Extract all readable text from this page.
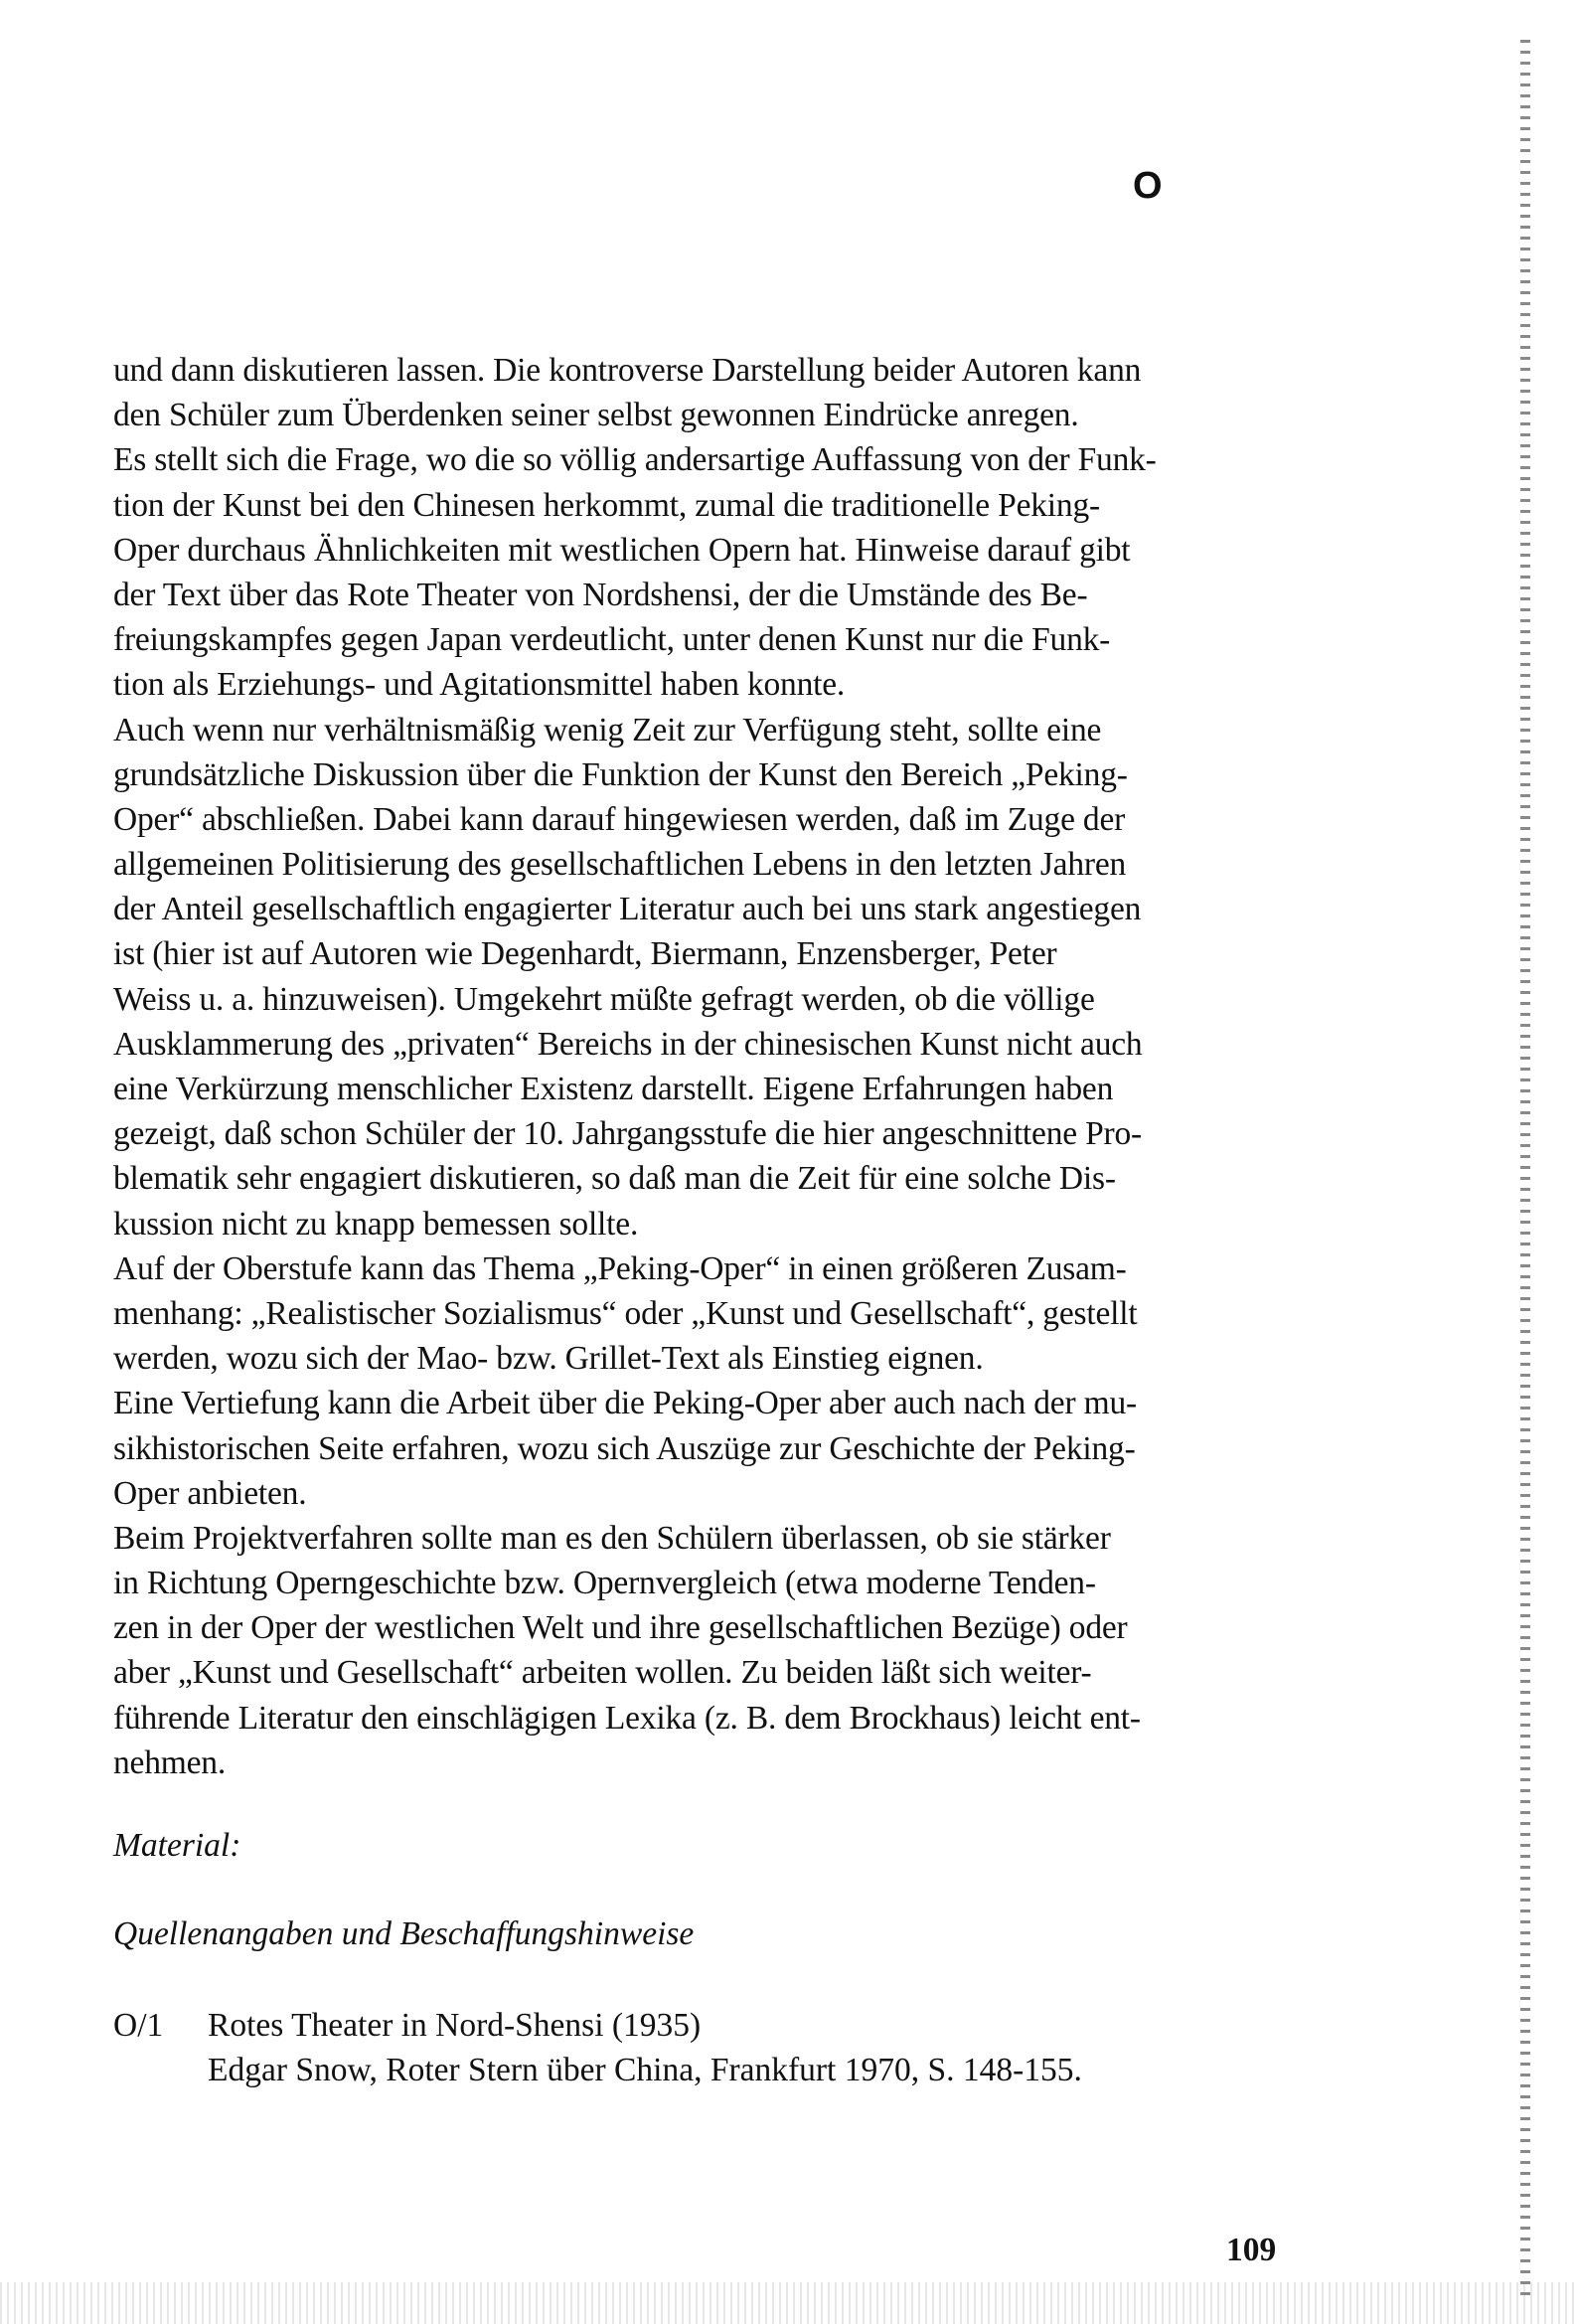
O
und dann diskutieren lassen. Die kontroverse Darstellung beider Autoren kann
den Schüler zum Überdenken seiner selbst gewonnen Eindrücke anregen.
Es stellt sich die Frage, wo die so völlig andersartige Auffassung von der Funk-
tion der Kunst bei den Chinesen herkommt, zumal die traditionelle Peking-
Oper durchaus Ähnlichkeiten mit westlichen Opern hat. Hinweise darauf gibt
der Text über das Rote Theater von Nordshensi, der die Umstände des Be-
freiungskampfes gegen Japan verdeutlicht, unter denen Kunst nur die Funk-
tion als Erziehungs- und Agitationsmittel haben konnte.
Auch wenn nur verhältnismäßig wenig Zeit zur Verfügung steht, sollte eine
grundsätzliche Diskussion über die Funktion der Kunst den Bereich „Peking-
Oper“ abschließen. Dabei kann darauf hingewiesen werden, daß im Zuge der
allgemeinen Politisierung des gesellschaftlichen Lebens in den letzten Jahren
der Anteil gesellschaftlich engagierter Literatur auch bei uns stark angestiegen
ist (hier ist auf Autoren wie Degenhardt, Biermann, Enzensberger, Peter
Weiss u. a. hinzuweisen). Umgekehrt müßte gefragt werden, ob die völlige
Ausklammerung des „privaten“ Bereichs in der chinesischen Kunst nicht auch
eine Verkürzung menschlicher Existenz darstellt. Eigene Erfahrungen haben
gezeigt, daß schon Schüler der 10. Jahrgangsstufe die hier angeschnittene Pro-
blematik sehr engagiert diskutieren, so daß man die Zeit für eine solche Dis-
kussion nicht zu knapp bemessen sollte.
Auf der Oberstufe kann das Thema „Peking-Oper“ in einen größeren Zusam-
menhang: „Realistischer Sozialismus“ oder „Kunst und Gesellschaft“, gestellt
werden, wozu sich der Mao- bzw. Grillet-Text als Einstieg eignen.
Eine Vertiefung kann die Arbeit über die Peking-Oper aber auch nach der mu-
sikhistorischen Seite erfahren, wozu sich Auszüge zur Geschichte der Peking-
Oper anbieten.
Beim Projektverfahren sollte man es den Schülern überlassen, ob sie stärker
in Richtung Operngeschichte bzw. Opernvergleich (etwa moderne Tenden-
zen in der Oper der westlichen Welt und ihre gesellschaftlichen Bezüge) oder
aber „Kunst und Gesellschaft“ arbeiten wollen. Zu beiden läßt sich weiter-
führende Literatur den einschlägigen Lexika (z. B. dem Brockhaus) leicht ent-
nehmen.
Material:
Quellenangaben und Beschaffungshinweise
O/1 Rotes Theater in Nord-Shensi (1935)
Edgar Snow, Roter Stern über China, Frankfurt 1970, S. 148-155.
109
